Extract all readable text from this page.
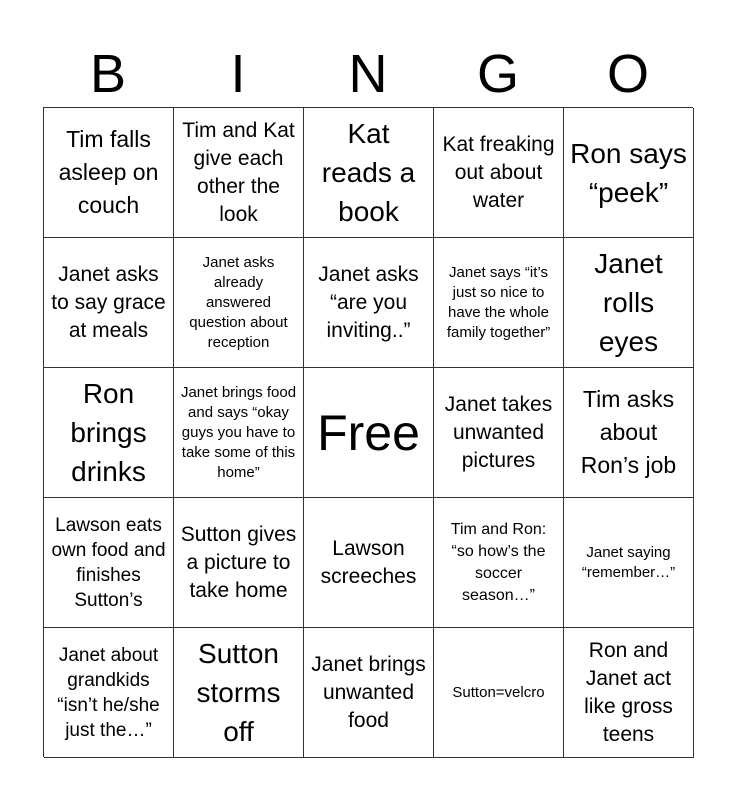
B	I	N	G	O
Tim falls asleep on couch
Tim and Kat give each other the look
Kat reads a book
Kat freaking out about water
Ron says “peek”
Janet asks to say grace at meals
Janet asks already answered question about reception
Janet asks “are you inviting..”
Janet says “it’s just so nice to have the whole family together”
Janet rolls eyes
Ron brings drinks
Janet brings food and says “okay guys you have to take some of this home”
Free
Janet takes unwanted pictures
Tim asks about Ron’s job
Lawson eats own food and finishes Sutton’s
Sutton gives a picture to take home
Lawson screeches
Tim and Ron: “so how’s the soccer season…”
Janet saying “remember…”
Janet about grandkids “isn’t he/she just the…”
Sutton storms off
Janet brings unwanted food
Sutton=velcro
Ron and Janet act like gross teens
